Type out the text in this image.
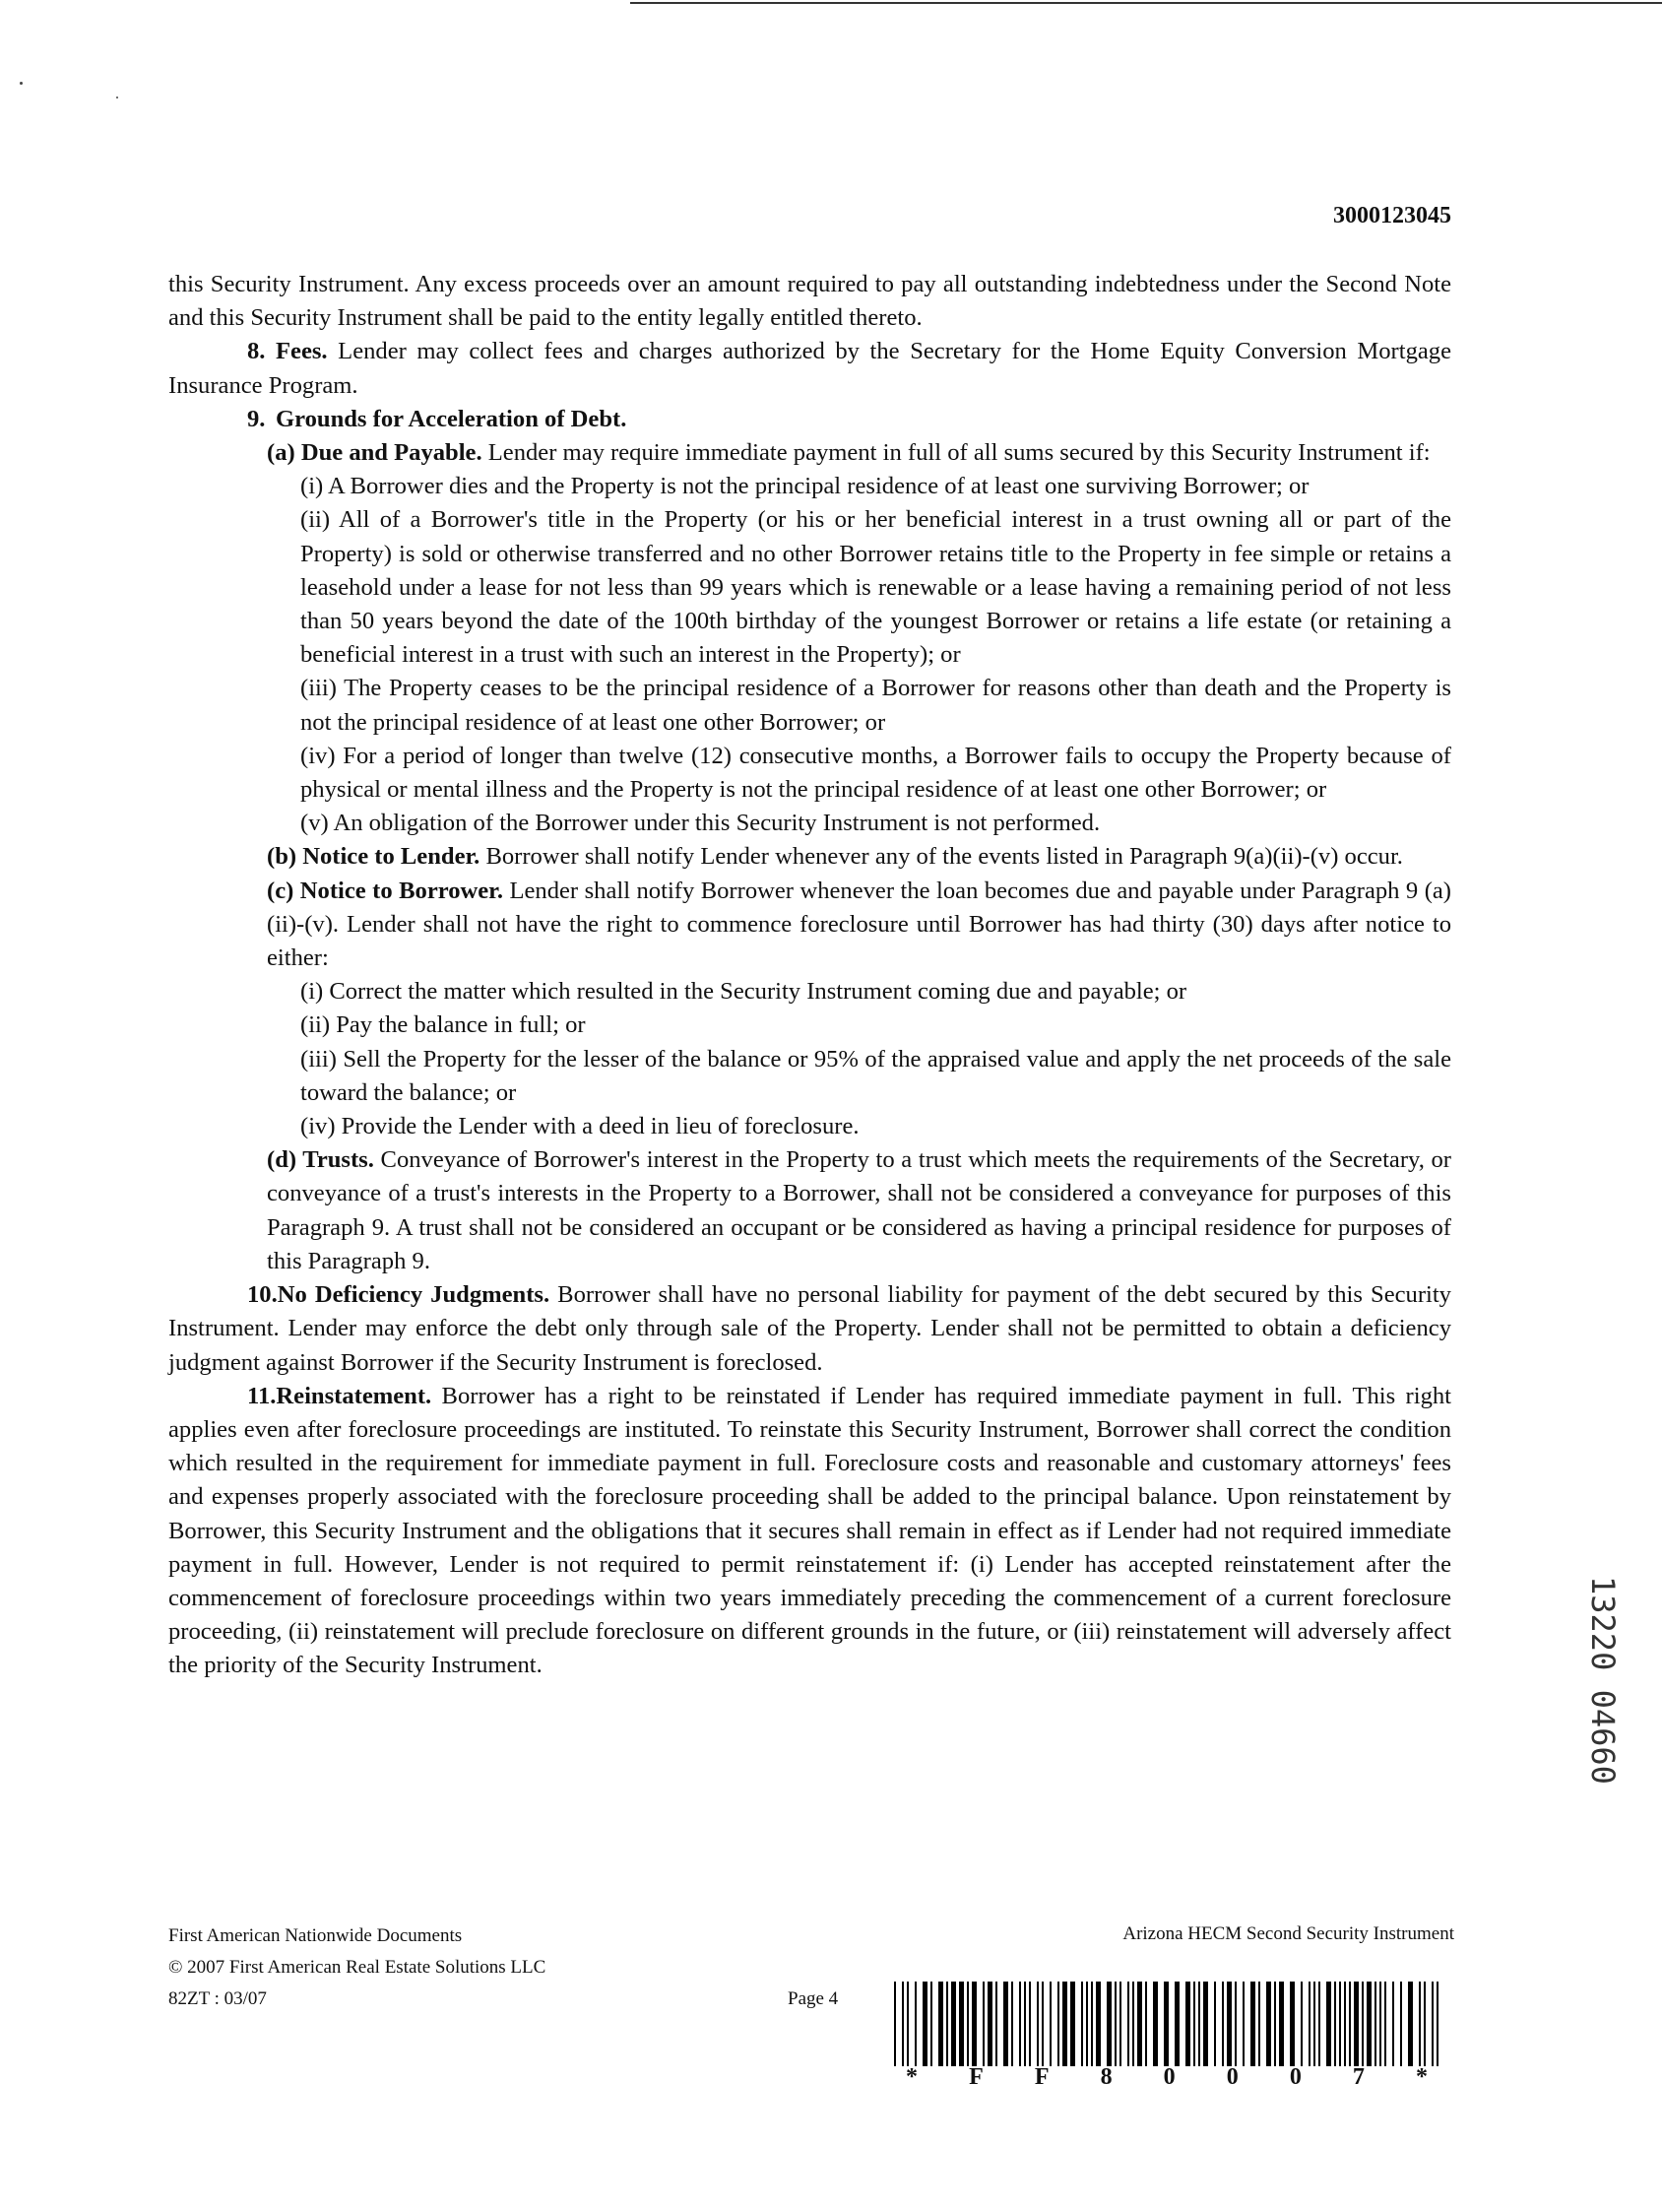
3000123045

this Security Instrument. Any excess proceeds over an amount required to pay all outstanding indebtedness under the Second Note and this Security Instrument shall be paid to the entity legally entitled thereto.

8. Fees. Lender may collect fees and charges authorized by the Secretary for the Home Equity Conversion Mortgage Insurance Program.

9. Grounds for Acceleration of Debt.

(a) Due and Payable. Lender may require immediate payment in full of all sums secured by this Security Instrument if:

(i) A Borrower dies and the Property is not the principal residence of at least one surviving Borrower; or

(ii) All of a Borrower's title in the Property (or his or her beneficial interest in a trust owning all or part of the Property) is sold or otherwise transferred and no other Borrower retains title to the Property in fee simple or retains a leasehold under a lease for not less than 99 years which is renewable or a lease having a remaining period of not less than 50 years beyond the date of the 100th birthday of the youngest Borrower or retains a life estate (or retaining a beneficial interest in a trust with such an interest in the Property); or

(iii) The Property ceases to be the principal residence of a Borrower for reasons other than death and the Property is not the principal residence of at least one other Borrower; or

(iv) For a period of longer than twelve (12) consecutive months, a Borrower fails to occupy the Property because of physical or mental illness and the Property is not the principal residence of at least one other Borrower; or

(v) An obligation of the Borrower under this Security Instrument is not performed.

(b) Notice to Lender. Borrower shall notify Lender whenever any of the events listed in Paragraph 9(a)(ii)-(v) occur.

(c) Notice to Borrower. Lender shall notify Borrower whenever the loan becomes due and payable under Paragraph 9 (a)(ii)-(v). Lender shall not have the right to commence foreclosure until Borrower has had thirty (30) days after notice to either:

(i) Correct the matter which resulted in the Security Instrument coming due and payable; or

(ii) Pay the balance in full; or

(iii) Sell the Property for the lesser of the balance or 95% of the appraised value and apply the net proceeds of the sale toward the balance; or

(iv) Provide the Lender with a deed in lieu of foreclosure.

(d) Trusts. Conveyance of Borrower's interest in the Property to a trust which meets the requirements of the Secretary, or conveyance of a trust's interests in the Property to a Borrower, shall not be considered a conveyance for purposes of this Paragraph 9. A trust shall not be considered an occupant or be considered as having a principal residence for purposes of this Paragraph 9.

10.No Deficiency Judgments. Borrower shall have no personal liability for payment of the debt secured by this Security Instrument. Lender may enforce the debt only through sale of the Property. Lender shall not be permitted to obtain a deficiency judgment against Borrower if the Security Instrument is foreclosed.

11.Reinstatement. Borrower has a right to be reinstated if Lender has required immediate payment in full. This right applies even after foreclosure proceedings are instituted. To reinstate this Security Instrument, Borrower shall correct the condition which resulted in the requirement for immediate payment in full. Foreclosure costs and reasonable and customary attorneys' fees and expenses properly associated with the foreclosure proceeding shall be added to the principal balance. Upon reinstatement by Borrower, this Security Instrument and the obligations that it secures shall remain in effect as if Lender had not required immediate payment in full. However, Lender is not required to permit reinstatement if: (i) Lender has accepted reinstatement after the commencement of foreclosure proceedings within two years immediately preceding the commencement of a current foreclosure proceeding, (ii) reinstatement will preclude foreclosure on different grounds in the future, or (iii) reinstatement will adversely affect the priority of the Security Instrument.	13220 04660
First American Nationwide Documents
© 2007 First American Real Estate Solutions LLC
82ZT : 03/07	Page 4
Arizona HECM Second Security Instrument
* F F 8 0 0 0 7 *
